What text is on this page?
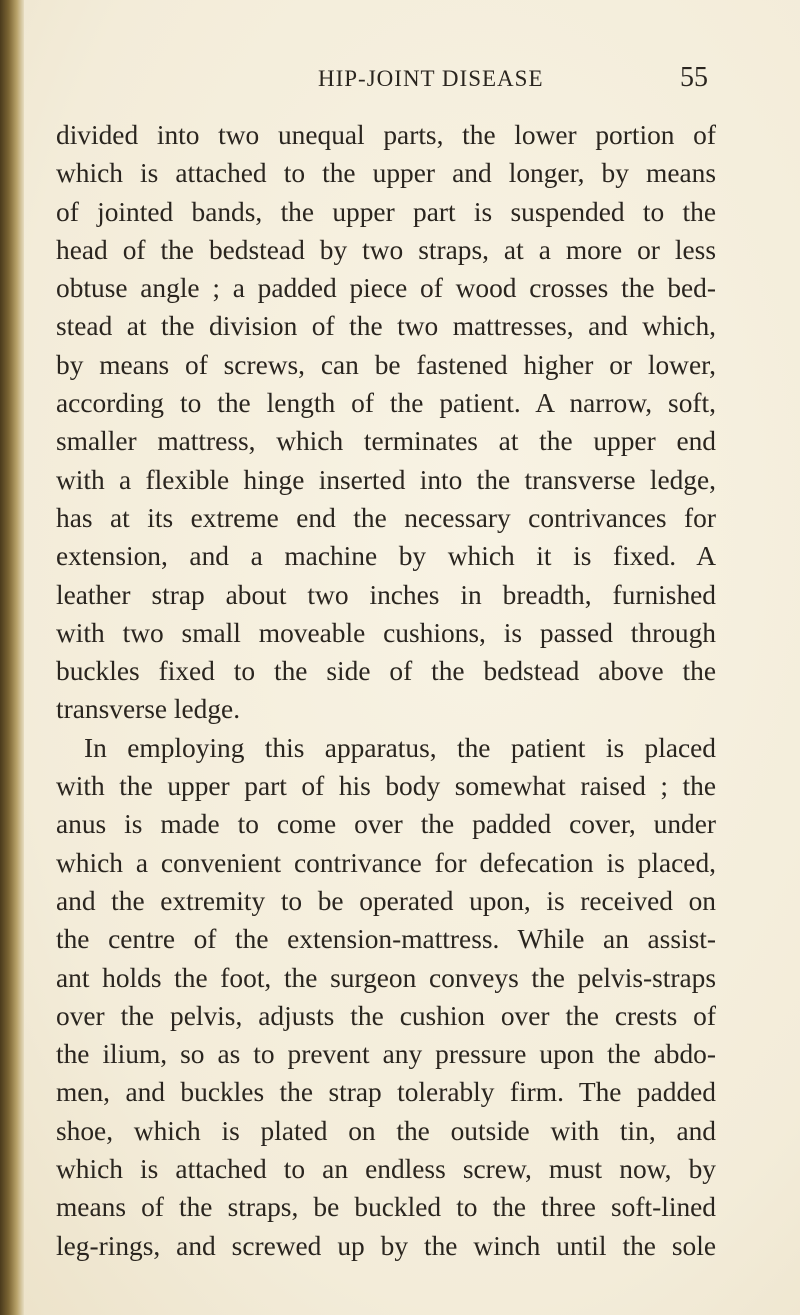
HIP-JOINT DISEASE	55
divided into two unequal parts, the lower portion of
which is attached to the upper and longer, by means
of jointed bands, the upper part is suspended to the
head of the bedstead by two straps, at a more or less
obtuse angle ; a padded piece of wood crosses the bed-
stead at the division of the two mattresses, and which,
by means of screws, can be fastened higher or lower,
according to the length of the patient. A narrow, soft,
smaller mattress, which terminates at the upper end
with a flexible hinge inserted into the transverse ledge,
has at its extreme end the necessary contrivances for
extension, and a machine by which it is fixed. A
leather strap about two inches in breadth, furnished
with two small moveable cushions, is passed through
buckles fixed to the side of the bedstead above the
transverse ledge.
In employing this apparatus, the patient is placed
with the upper part of his body somewhat raised ; the
anus is made to come over the padded cover, under
which a convenient contrivance for defecation is placed,
and the extremity to be operated upon, is received on
the centre of the extension-mattress. While an assist-
ant holds the foot, the surgeon conveys the pelvis-straps
over the pelvis, adjusts the cushion over the crests of
the ilium, so as to prevent any pressure upon the abdo-
men, and buckles the strap tolerably firm. The padded
shoe, which is plated on the outside with tin, and
which is attached to an endless screw, must now, by
means of the straps, be buckled to the three soft-lined
leg-rings, and screwed up by the winch until the sole
